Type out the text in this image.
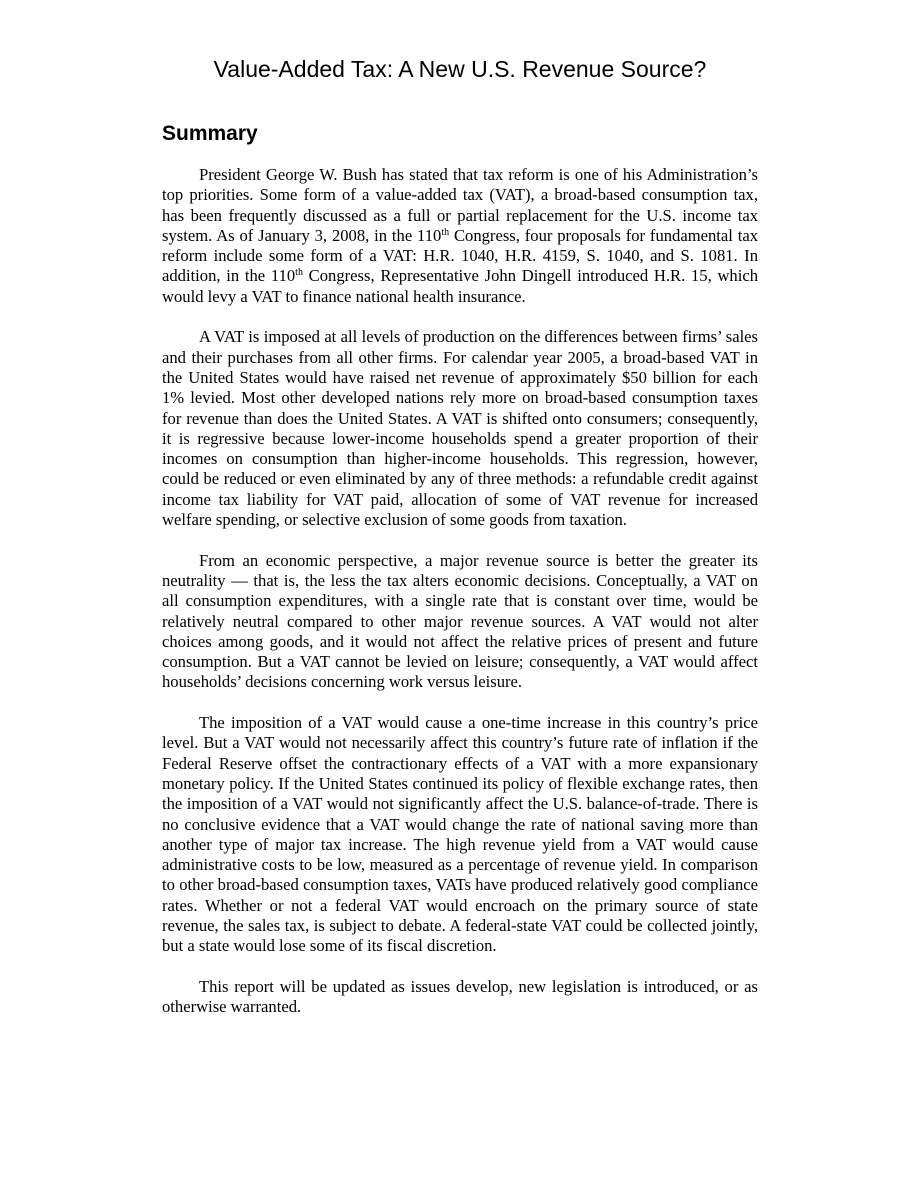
Value-Added Tax: A New U.S. Revenue Source?
Summary

President George W. Bush has stated that tax reform is one of his Administration’s top priorities. Some form of a value-added tax (VAT), a broad-based consumption tax, has been frequently discussed as a full or partial replacement for the U.S. income tax system. As of January 3, 2008, in the 110th Congress, four proposals for fundamental tax reform include some form of a VAT: H.R. 1040, H.R. 4159, S. 1040, and S. 1081. In addition, in the 110th Congress, Representative John Dingell introduced H.R. 15, which would levy a VAT to finance national health insurance.

A VAT is imposed at all levels of production on the differences between firms’ sales and their purchases from all other firms. For calendar year 2005, a broad-based VAT in the United States would have raised net revenue of approximately $50 billion for each 1% levied. Most other developed nations rely more on broad-based consumption taxes for revenue than does the United States. A VAT is shifted onto consumers; consequently, it is regressive because lower-income households spend a greater proportion of their incomes on consumption than higher-income households. This regression, however, could be reduced or even eliminated by any of three methods: a refundable credit against income tax liability for VAT paid, allocation of some of VAT revenue for increased welfare spending, or selective exclusion of some goods from taxation.

From an economic perspective, a major revenue source is better the greater its neutrality — that is, the less the tax alters economic decisions. Conceptually, a VAT on all consumption expenditures, with a single rate that is constant over time, would be relatively neutral compared to other major revenue sources. A VAT would not alter choices among goods, and it would not affect the relative prices of present and future consumption. But a VAT cannot be levied on leisure; consequently, a VAT would affect households’ decisions concerning work versus leisure.

The imposition of a VAT would cause a one-time increase in this country’s price level. But a VAT would not necessarily affect this country’s future rate of inflation if the Federal Reserve offset the contractionary effects of a VAT with a more expansionary monetary policy. If the United States continued its policy of flexible exchange rates, then the imposition of a VAT would not significantly affect the U.S. balance-of-trade. There is no conclusive evidence that a VAT would change the rate of national saving more than another type of major tax increase. The high revenue yield from a VAT would cause administrative costs to be low, measured as a percentage of revenue yield. In comparison to other broad-based consumption taxes, VATs have produced relatively good compliance rates. Whether or not a federal VAT would encroach on the primary source of state revenue, the sales tax, is subject to debate. A federal-state VAT could be collected jointly, but a state would lose some of its fiscal discretion.

This report will be updated as issues develop, new legislation is introduced, or as otherwise warranted.
